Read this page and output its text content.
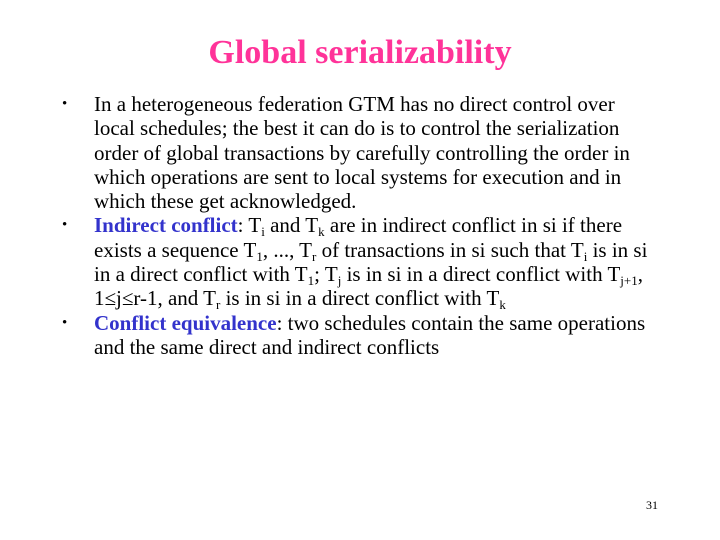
Global serializability

• In a heterogeneous federation GTM has no direct control over local schedules; the best it can do is to control the serialization order of global transactions by carefully controlling the order in which operations are sent to local systems for execution and in which these get acknowledged.

• Indirect conflict: $T_i$ and $T_k$ are in indirect conflict in si if there exists a sequence $T_1$, ..., $T_r$ of transactions in si such that $T_i$ is in si in a direct conflict with $T_1$; $T_j$ is in si in a direct conflict with $T_{j+1}$, 1≤j≤r-1, and $T_r$ is in si in a direct conflict with $T_k$

• Conflict equivalence: two schedules contain the same operations and the same direct and indirect conflicts

31
